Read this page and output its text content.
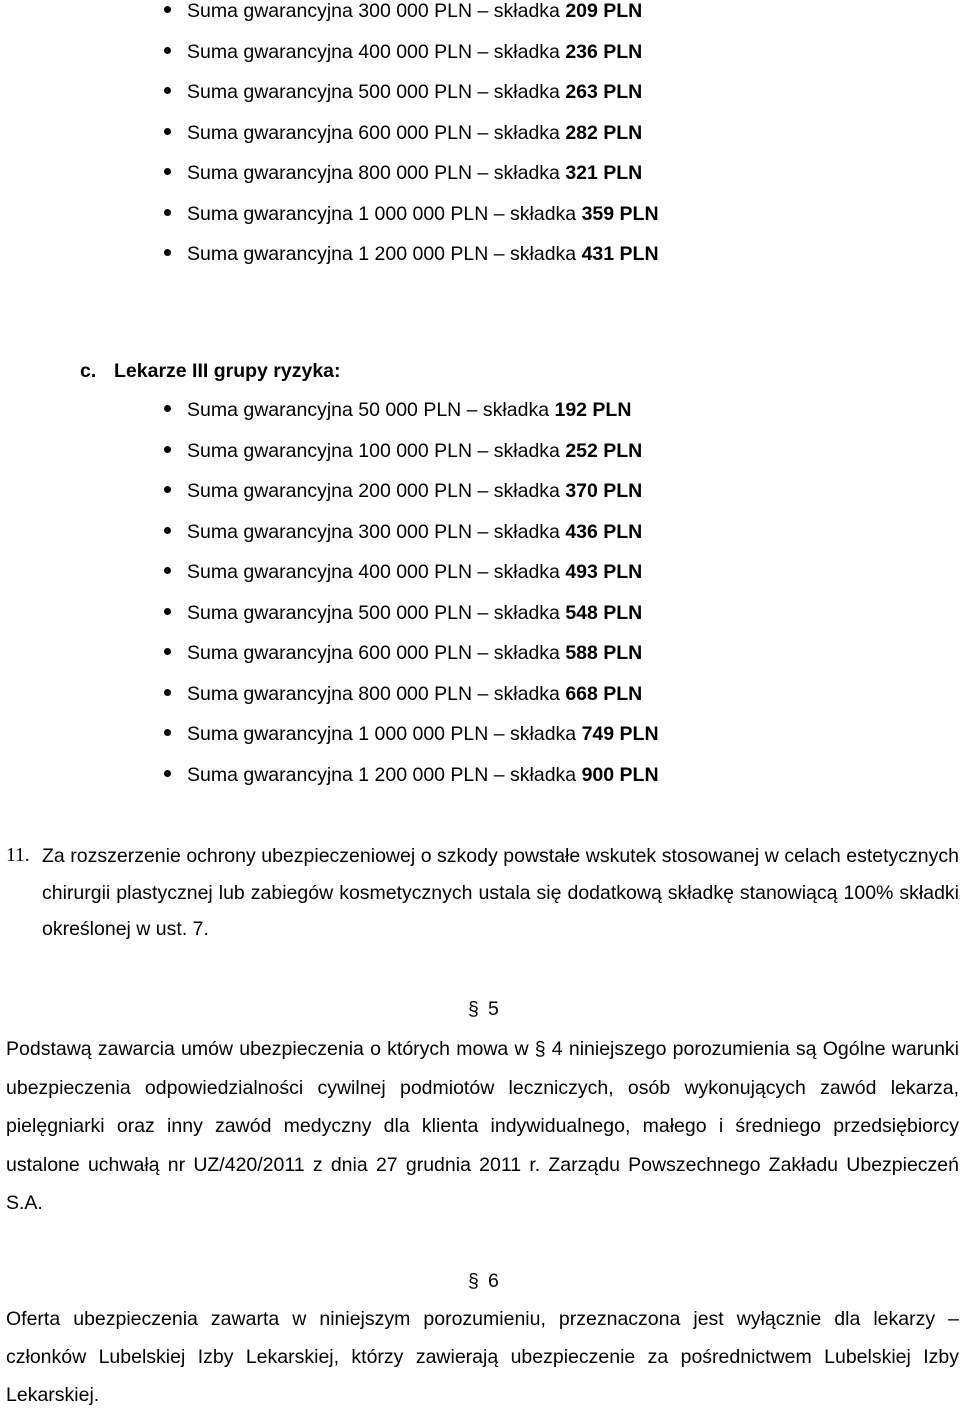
Suma gwarancyjna 300 000 PLN – składka 209 PLN
Suma gwarancyjna 400 000 PLN – składka 236 PLN
Suma gwarancyjna 500 000 PLN – składka 263 PLN
Suma gwarancyjna 600 000 PLN – składka 282 PLN
Suma gwarancyjna 800 000 PLN – składka 321 PLN
Suma gwarancyjna 1 000 000 PLN – składka 359 PLN
Suma gwarancyjna 1 200 000 PLN – składka 431 PLN
c. Lekarze III grupy ryzyka:
Suma gwarancyjna 50 000 PLN – składka 192 PLN
Suma gwarancyjna 100 000 PLN – składka 252 PLN
Suma gwarancyjna 200 000 PLN – składka 370 PLN
Suma gwarancyjna 300 000 PLN – składka 436 PLN
Suma gwarancyjna 400 000 PLN – składka 493 PLN
Suma gwarancyjna 500 000 PLN – składka 548 PLN
Suma gwarancyjna 600 000 PLN – składka 588 PLN
Suma gwarancyjna 800 000 PLN – składka 668 PLN
Suma gwarancyjna 1 000 000 PLN – składka 749 PLN
Suma gwarancyjna 1 200 000 PLN – składka 900 PLN
11. Za rozszerzenie ochrony ubezpieczeniowej o szkody powstałe wskutek stosowanej w celach estetycznych chirurgii plastycznej lub zabiegów kosmetycznych ustala się dodatkową składkę stanowiącą 100% składki określonej w ust. 7.
§ 5
Podstawą zawarcia umów ubezpieczenia o których mowa w § 4 niniejszego porozumienia są Ogólne warunki ubezpieczenia odpowiedzialności cywilnej podmiotów leczniczych, osób wykonujących zawód lekarza, pielęgniarki oraz inny zawód medyczny dla klienta indywidualnego, małego i średniego przedsiębiorcy ustalone uchwałą nr UZ/420/2011 z dnia 27 grudnia 2011 r. Zarządu Powszechnego Zakładu Ubezpieczeń S.A.
§ 6
Oferta ubezpieczenia zawarta w niniejszym porozumieniu, przeznaczona jest wyłącznie dla lekarzy – członków Lubelskiej Izby Lekarskiej, którzy zawierają ubezpieczenie za pośrednictwem Lubelskiej Izby Lekarskiej.
